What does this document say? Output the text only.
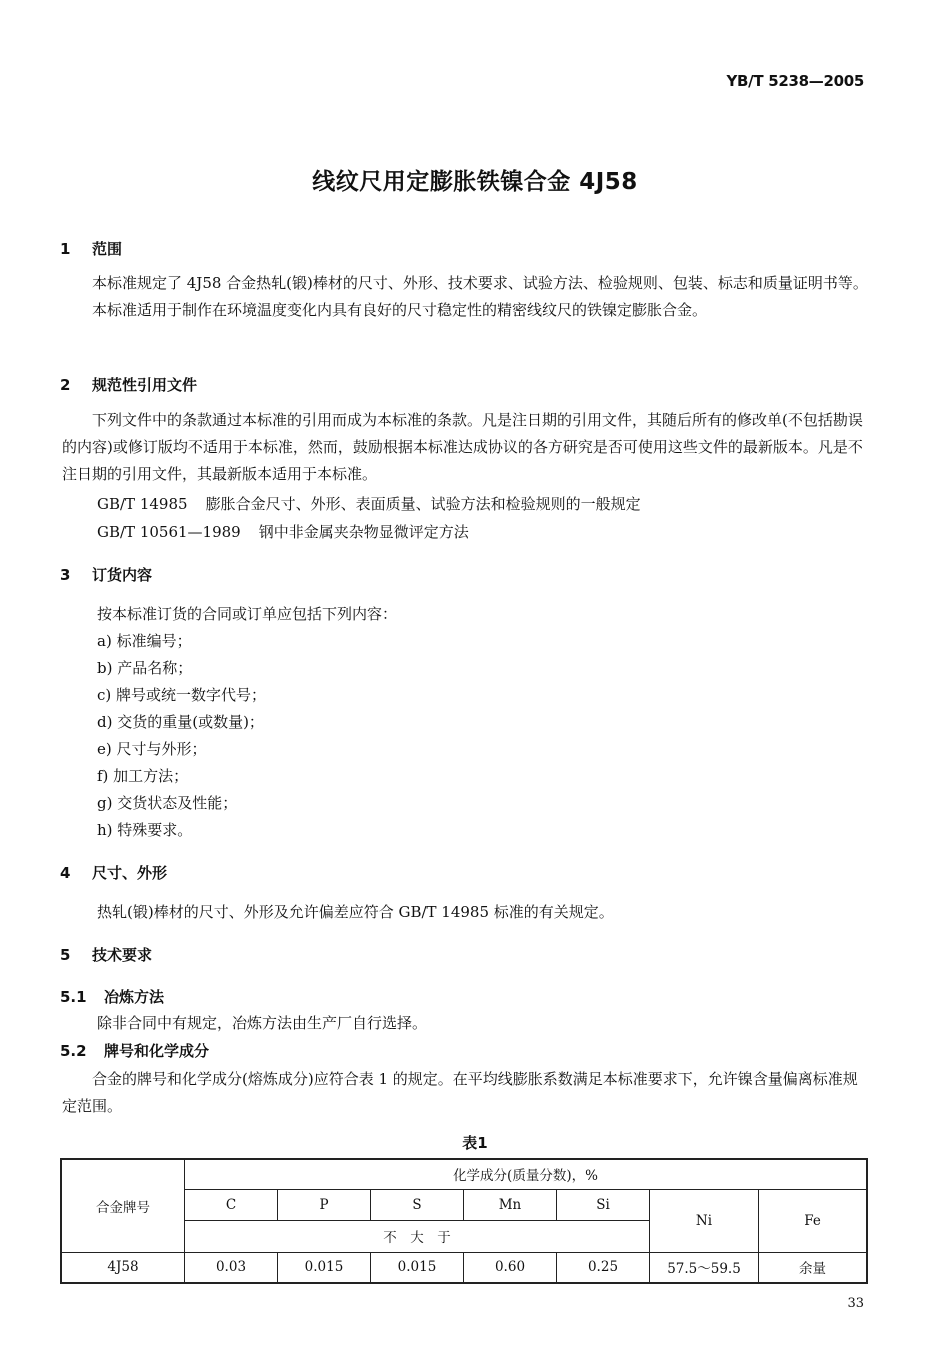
YB/T 5238—2005
线纹尺用定膨胀铁镍合金 4J58
1 范围

本标准规定了 4J58 合金热轧(锻)棒材的尺寸、外形、技术要求、试验方法、检验规则、包装、标志和质量证明书等。

本标准适用于制作在环境温度变化内具有良好的尺寸稳定性的精密线纹尺的铁镍定膨胀合金。

2 规范性引用文件

下列文件中的条款通过本标准的引用而成为本标准的条款。凡是注日期的引用文件，其随后所有的修改单(不包括勘误的内容)或修订版均不适用于本标准，然而，鼓励根据本标准达成协议的各方研究是否可使用这些文件的最新版本。凡是不注日期的引用文件，其最新版本适用于本标准。

GB/T 14985 膨胀合金尺寸、外形、表面质量、试验方法和检验规则的一般规定
GB/T 10561—1989 钢中非金属夹杂物显微评定方法
3 订货内容
按本标准订货的合同或订单应包括下列内容：
a) 标准编号；
b) 产品名称；
c) 牌号或统一数字代号；
d) 交货的重量(或数量)；
e) 尺寸与外形；
f) 加工方法；
g) 交货状态及性能；
h) 特殊要求。
4 尺寸、外形
热轧(锻)棒材的尺寸、外形及允许偏差应符合 GB/T 14985 标准的有关规定。
5 技术要求
5.1 冶炼方法
除非合同中有规定，冶炼方法由生产厂自行选择。
5.2 牌号和化学成分

合金的牌号和化学成分(熔炼成分)应符合表 1 的规定。在平均线膨胀系数满足本标准要求下，允许镍含量偏离标准规定范围。

表1
合金牌号	化学成分(质量分数)，%						
	C	P	S	Mn	Si	Ni	Fe
	不　大　于						
4J58	0.03	0.015	0.015	0.60	0.25	57.5～59.5	余量
33
